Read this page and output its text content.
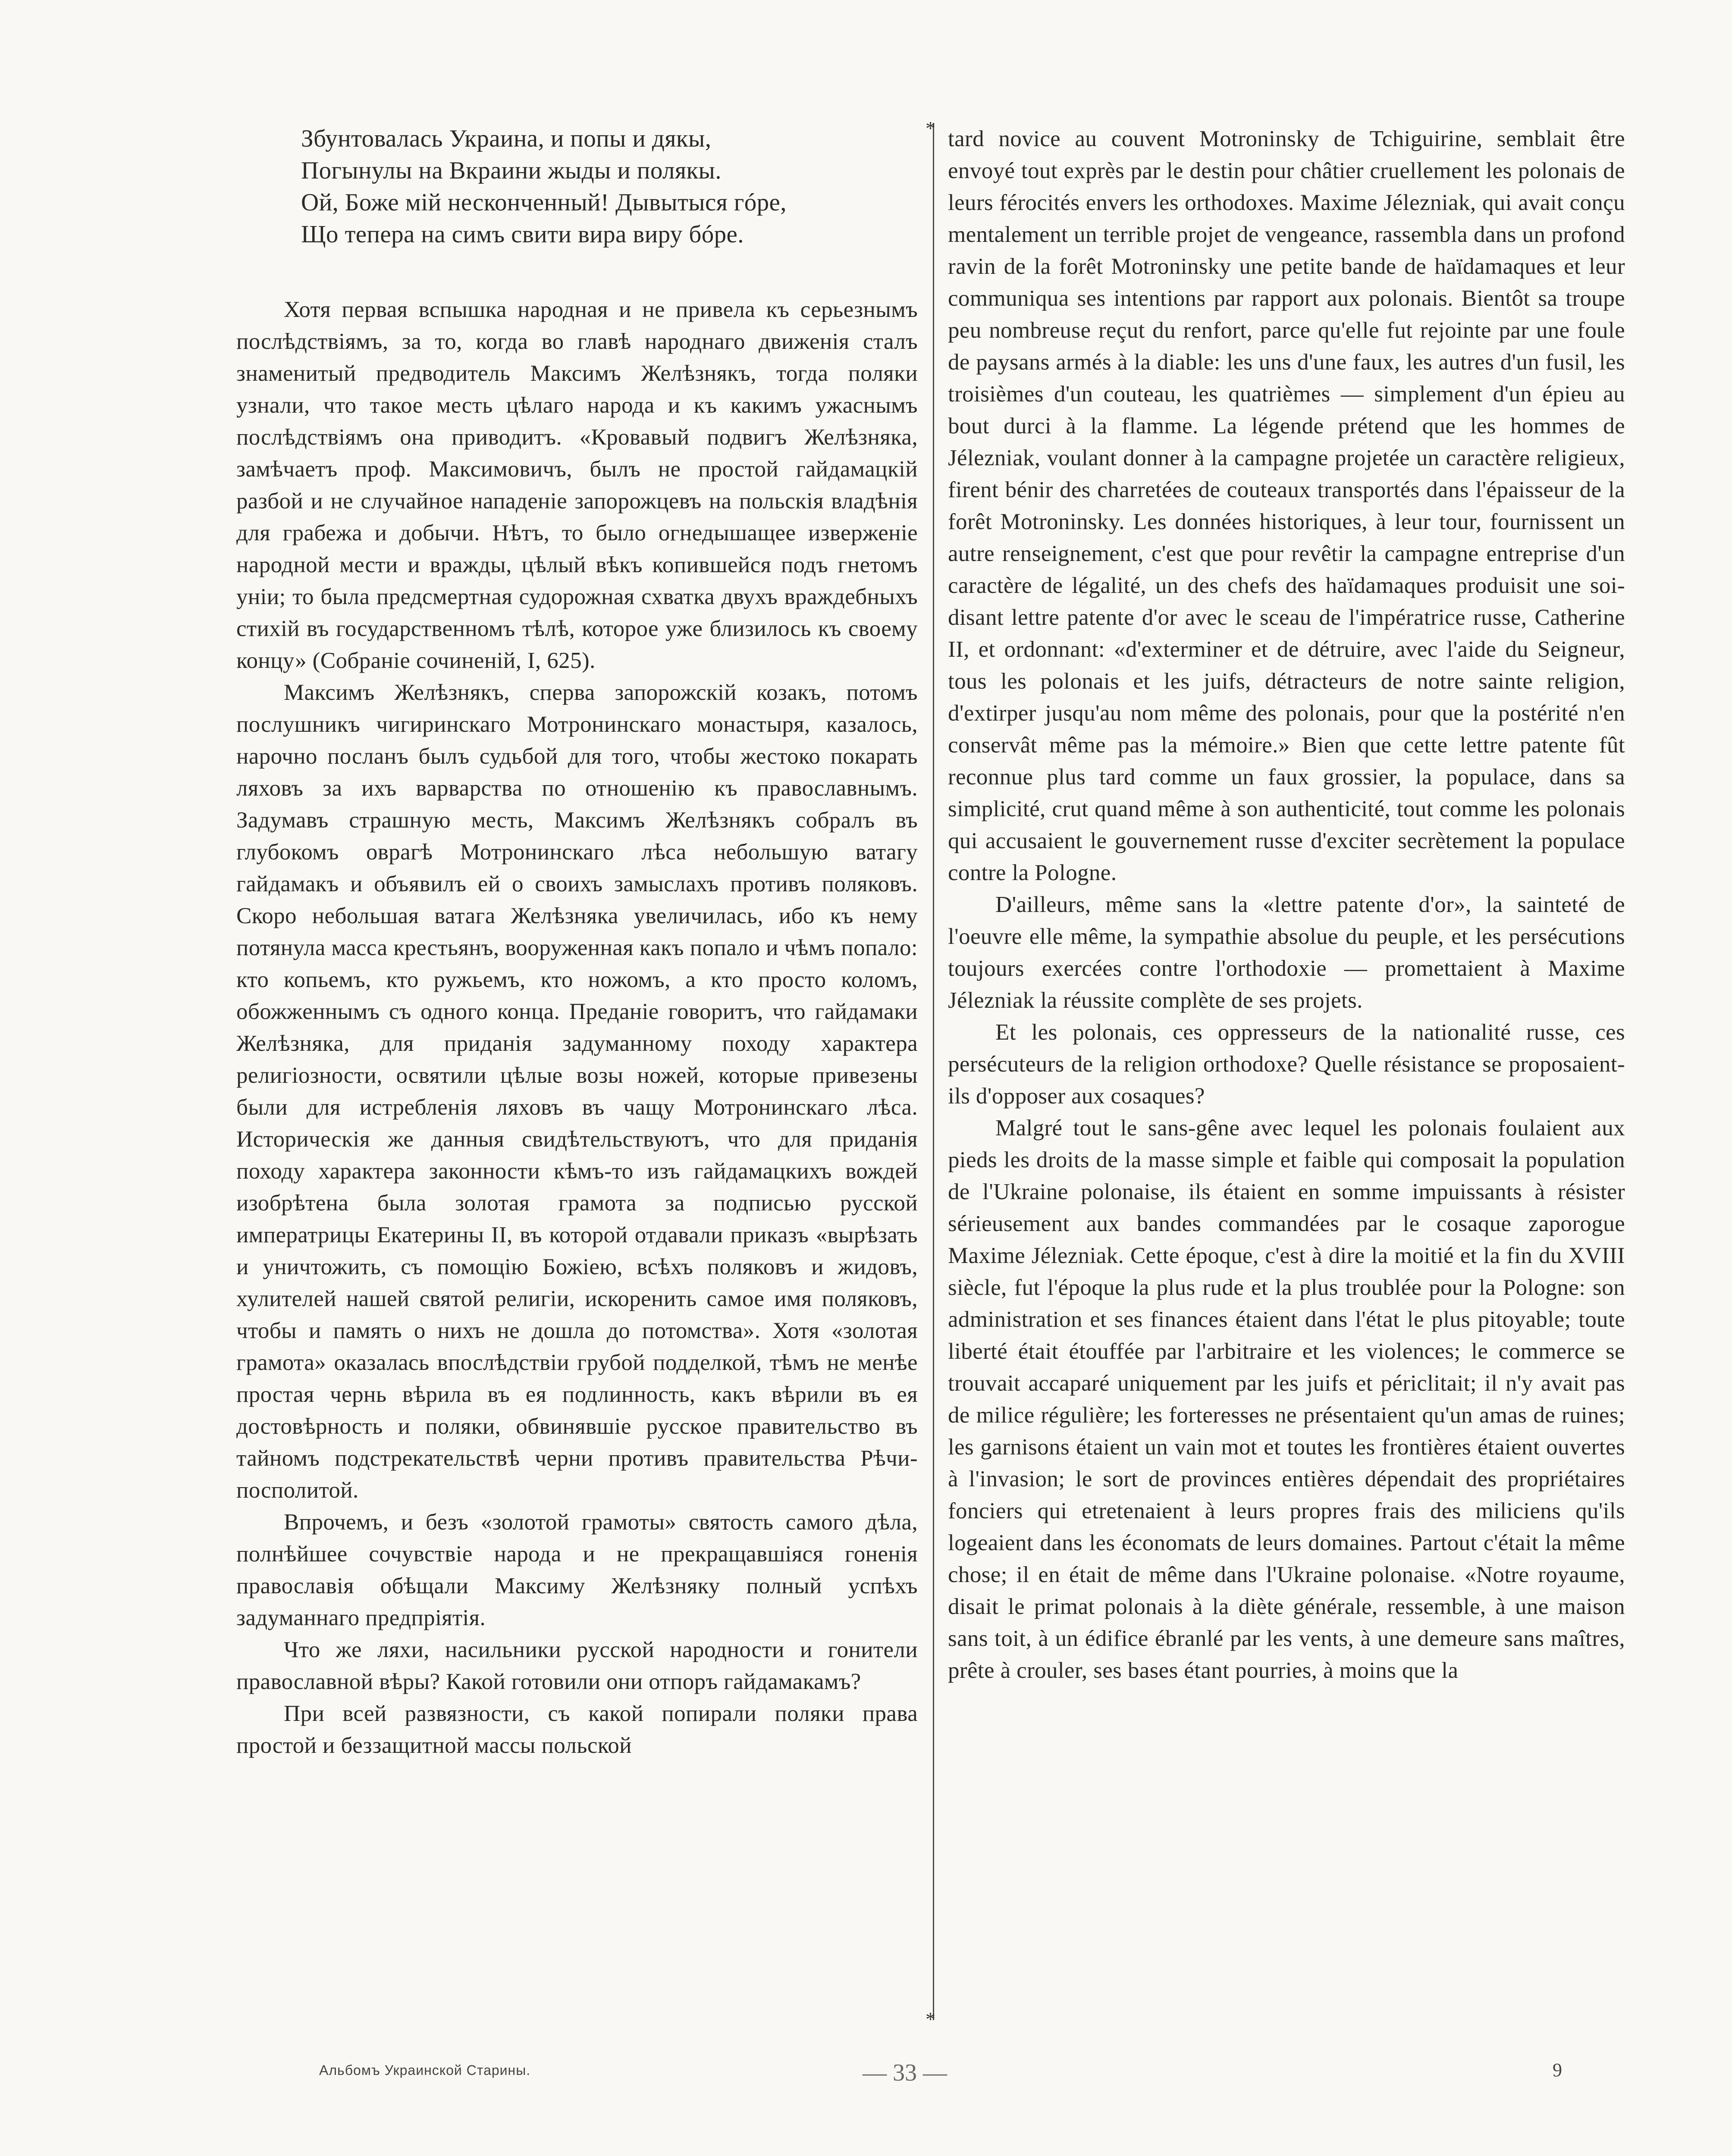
Збунтовалась Украина, и попы и дякы,
Погынулы на Вкраини жыды и полякы.
Ой, Боже мій несконченный! Дывытыся гóре,
Що тепера на симъ свити вира виру бóре.

Хотя первая вспышка народная и не привела къ серьезнымъ послѣдствіямъ, за то, когда во главѣ народнаго движенія сталъ знаменитый предводитель Максимъ Желѣзнякъ, тогда поляки узнали, что такое месть цѣлаго народа и къ какимъ ужаснымъ послѣдствіямъ она приводитъ. «Кровавый подвигъ Желѣзняка, замѣчаетъ проф. Максимовичъ, былъ не простой гайдамацкій разбой и не случайное нападеніе запорожцевъ на польскія владѣнія для грабежа и добычи. Нѣтъ, то было огнедышащее изверженіе народной мести и вражды, цѣлый вѣкъ копившейся подъ гнетомъ уніи; то была предсмертная судорожная схватка двухъ враждебныхъ стихій въ государственномъ тѣлѣ, которое уже близилось къ своему концу» (Собраніе сочиненій, I, 625).

Максимъ Желѣзнякъ, сперва запорожскій козакъ, потомъ послушникъ чигиринскаго Мотронинскаго монастыря, казалось, нарочно посланъ былъ судьбой для того, чтобы жестоко покарать ляховъ за ихъ варварства по отношенію къ православнымъ. Задумавъ страшную месть, Максимъ Желѣзнякъ собралъ въ глубокомъ оврагѣ Мотронинскаго лѣса небольшую ватагу гайдамакъ и объявилъ ей о своихъ замыслахъ противъ поляковъ. Скоро небольшая ватага Желѣзняка увеличилась, ибо къ нему потянула масса крестьянъ, вооруженная какъ попало и чѣмъ попало: кто копьемъ, кто ружьемъ, кто ножомъ, а кто просто коломъ, обожженнымъ съ одного конца. Преданіе говоритъ, что гайдамаки Желѣзняка, для приданія задуманному походу характера религіозности, освятили цѣлые возы ножей, которые привезены были для истребленія ляховъ въ чащу Мотронинскаго лѣса. Историческія же данныя свидѣтельствуютъ, что для приданія походу характера законности кѣмъ-то изъ гайдамацкихъ вождей изобрѣтена была золотая грамота за подписью русской императрицы Екатерины II, въ которой отдавали приказъ «вырѣзать и уничтожить, съ помощію Божіею, всѣхъ поляковъ и жидовъ, хулителей нашей святой религіи, искоренить самое имя поляковъ, чтобы и память о нихъ не дошла до потомства». Хотя «золотая грамота» оказалась впослѣдствіи грубой подделкой, тѣмъ не менѣе простая чернь вѣрила въ ея подлинность, какъ вѣрили въ ея достовѣрность и поляки, обвинявшіе русское правительство въ тайномъ подстрекательствѣ черни противъ правительства Рѣчи-посполитой.

Впрочемъ, и безъ «золотой грамоты» святость самого дѣла, полнѣйшее сочувствіе народа и не прекращавшіяся гоненія православія обѣщали Максиму Желѣзняку полный успѣхъ задуманнаго предпріятія.

Что же ляхи, насильники русской народности и гонители православной вѣры? Какой готовили они отпоръ гайдамакамъ?

При всей развязности, съ какой попирали поляки права простой и беззащитной массы польской

*
*

tard novice au couvent Motroninsky de Tchiguirine, semblait être envoyé tout exprès par le destin pour châtier cruellement les polonais de leurs férocités envers les orthodoxes. Maxime Jélezniak, qui avait conçu mentalement un terrible projet de vengeance, rassembla dans un profond ravin de la forêt Motroninsky une petite bande de haïdamaques et leur communiqua ses intentions par rapport aux polonais. Bientôt sa troupe peu nombreuse reçut du renfort, parce qu'elle fut rejointe par une foule de paysans armés à la diable: les uns d'une faux, les autres d'un fusil, les troisièmes d'un couteau, les quatrièmes — simplement d'un épieu au bout durci à la flamme. La légende prétend que les hommes de Jélezniak, voulant donner à la campagne projetée un caractère religieux, firent bénir des charretées de couteaux transportés dans l'épaisseur de la forêt Motroninsky. Les données historiques, à leur tour, fournissent un autre renseignement, c'est que pour revêtir la campagne entreprise d'un caractère de légalité, un des chefs des haïdamaques produisit une soi-disant lettre patente d'or avec le sceau de l'impératrice russe, Catherine II, et ordonnant: «d'exterminer et de détruire, avec l'aide du Seigneur, tous les polonais et les juifs, détracteurs de notre sainte religion, d'extirper jusqu'au nom même des polonais, pour que la postérité n'en conservât même pas la mémoire.» Bien que cette lettre patente fût reconnue plus tard comme un faux grossier, la populace, dans sa simplicité, crut quand même à son authenticité, tout comme les polonais qui accusaient le gouvernement russe d'exciter secrètement la populace contre la Pologne.

D'ailleurs, même sans la «lettre patente d'or», la sainteté de l'oeuvre elle même, la sympathie absolue du peuple, et les persécutions toujours exercées contre l'orthodoxie — promettaient à Maxime Jélezniak la réussite complète de ses projets.

Et les polonais, ces oppresseurs de la nationalité russe, ces persécuteurs de la religion orthodoxe? Quelle résistance se proposaient-ils d'opposer aux cosaques?

Malgré tout le sans-gêne avec lequel les polonais foulaient aux pieds les droits de la masse simple et faible qui composait la population de l'Ukraine polonaise, ils étaient en somme impuissants à résister sérieusement aux bandes commandées par le cosaque zaporogue Maxime Jélezniak. Cette époque, c'est à dire la moitié et la fin du XVIII siècle, fut l'époque la plus rude et la plus troublée pour la Pologne: son administration et ses finances étaient dans l'état le plus pitoyable; toute liberté était étouffée par l'arbitraire et les violences; le commerce se trouvait accaparé uniquement par les juifs et périclitait; il n'y avait pas de milice régulière; les forteresses ne présentaient qu'un amas de ruines; les garnisons étaient un vain mot et toutes les frontières étaient ouvertes à l'invasion; le sort de provinces entières dépendait des propriétaires fonciers qui etretenaient à leurs propres frais des miliciens qu'ils logeaient dans les économats de leurs domaines. Partout c'était la même chose; il en était de même dans l'Ukraine polonaise. «Notre royaume, disait le primat polonais à la diète générale, ressemble, à une maison sans toit, à un édifice ébranlé par les vents, à une demeure sans maîtres, prête à crouler, ses bases étant pourries, à moins que la

Альбомъ Украинской Старины.	— 33 —	9
